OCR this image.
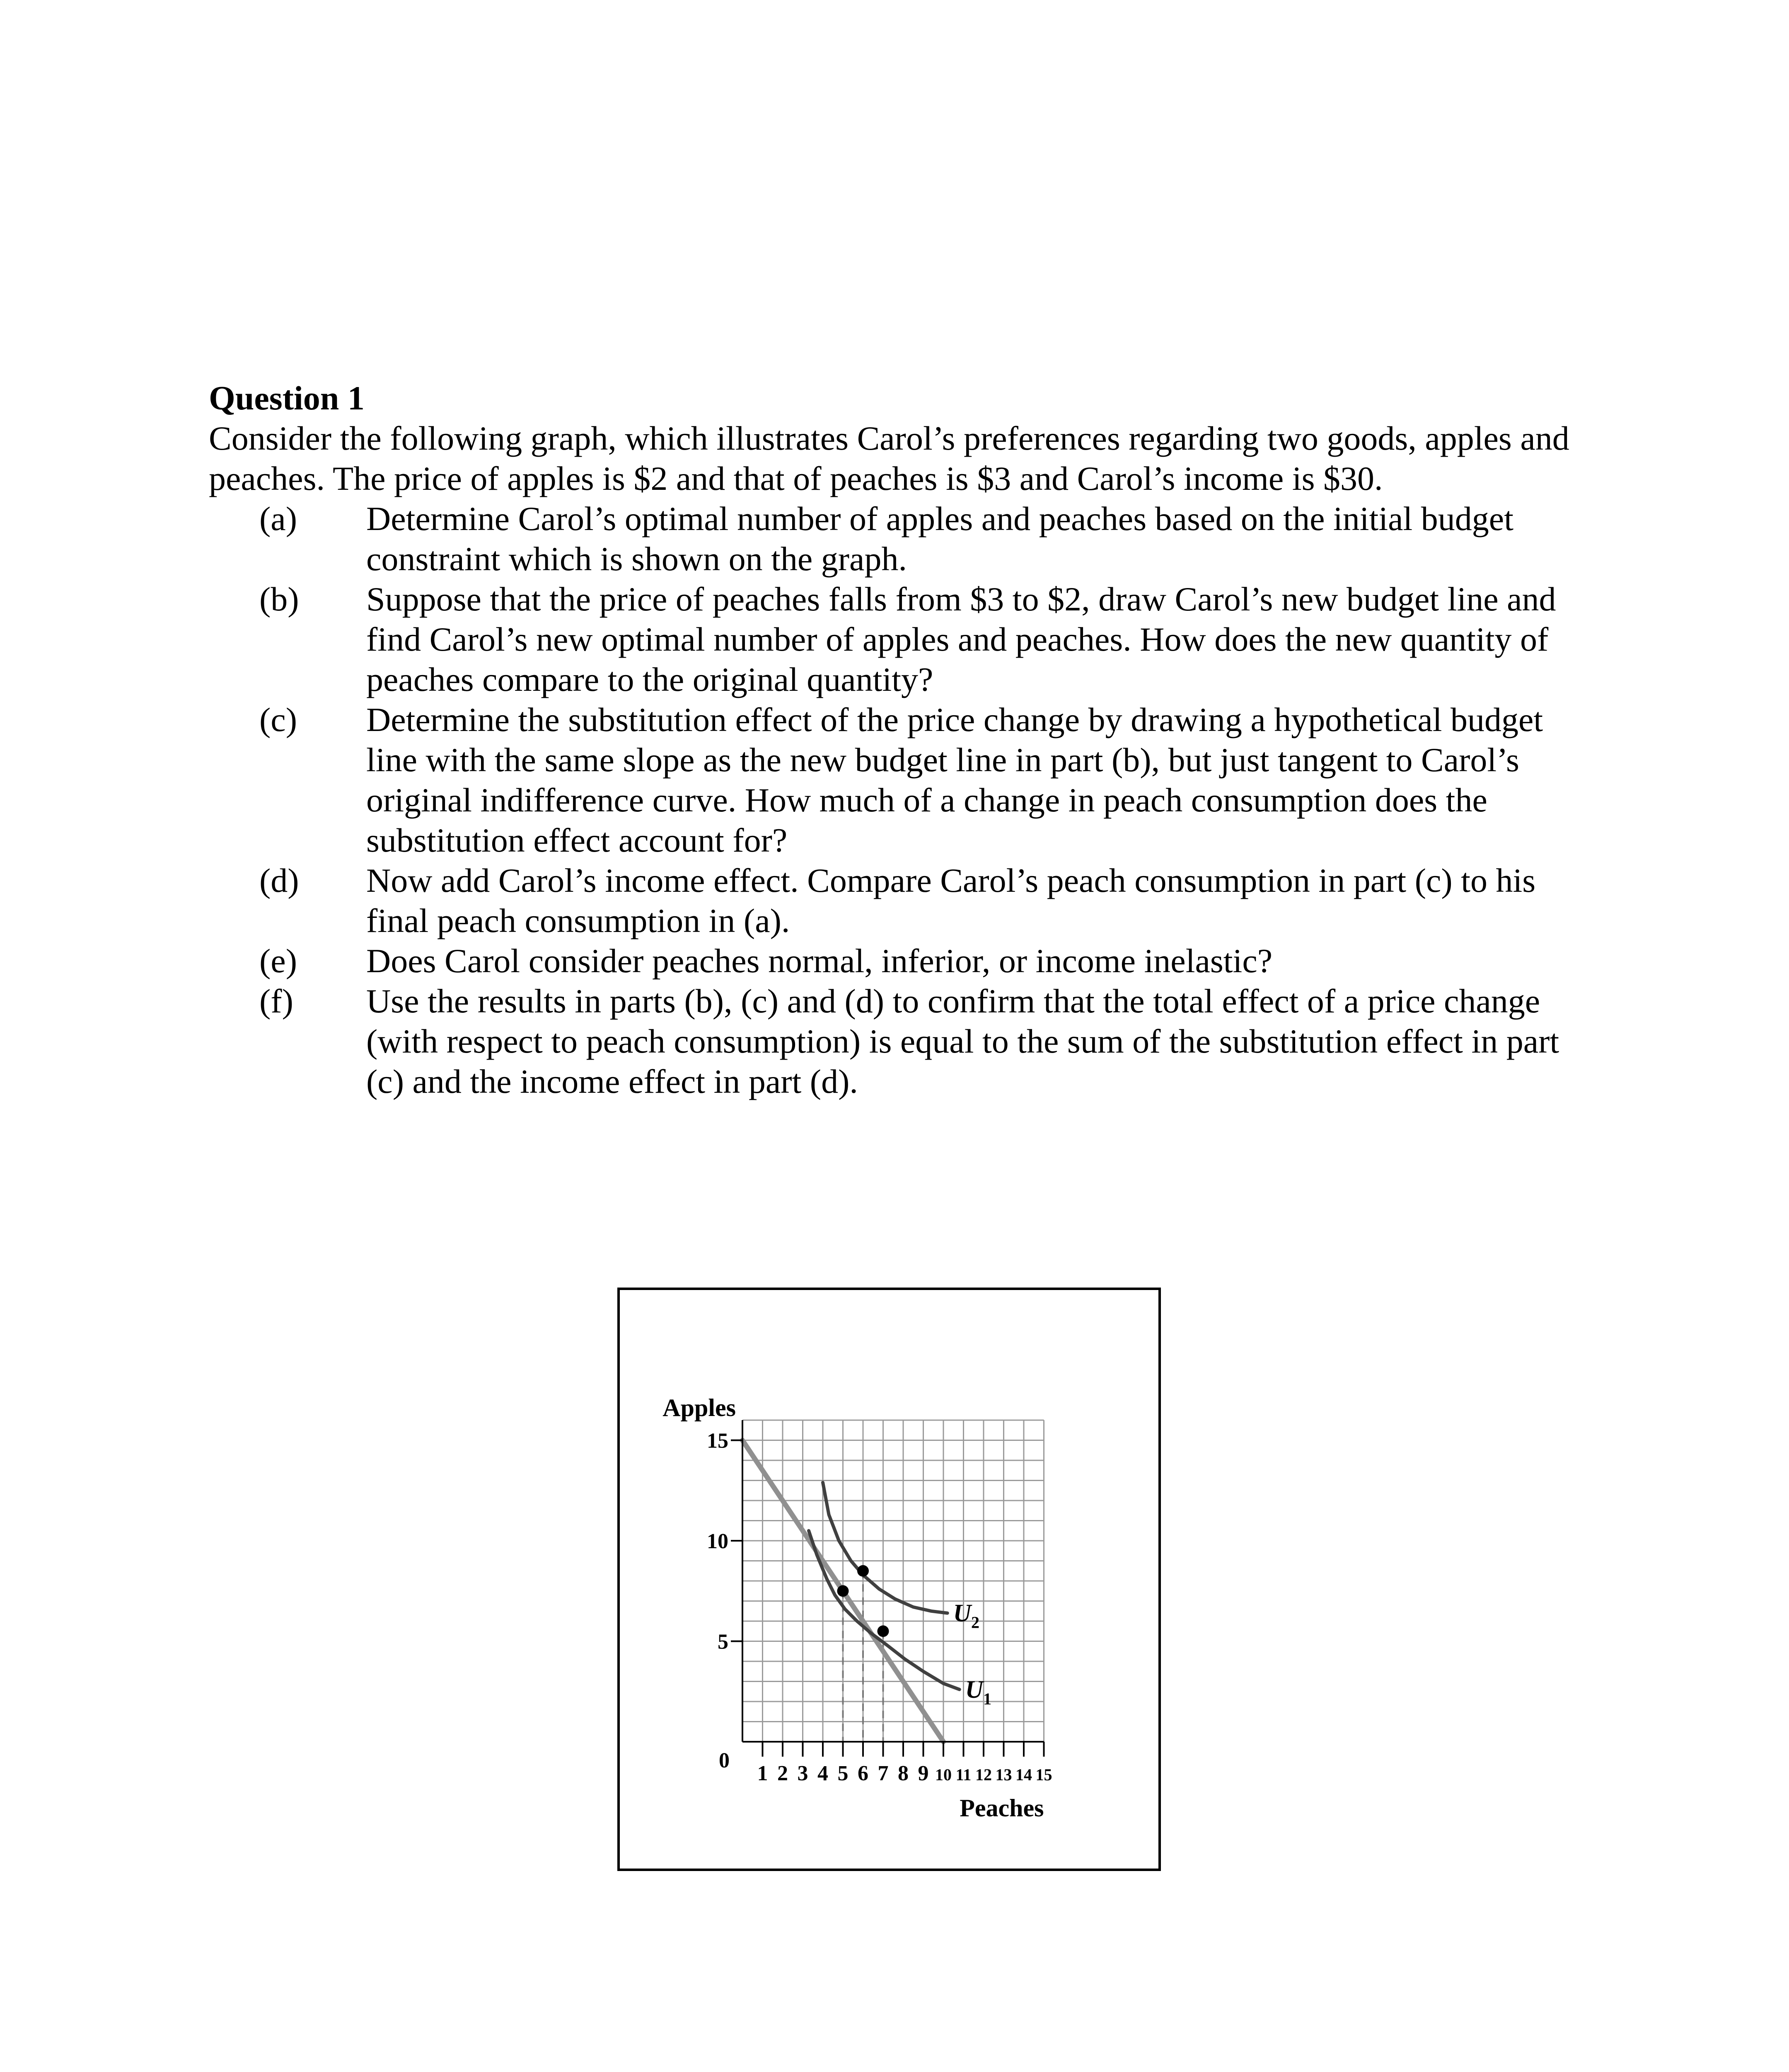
Question 1

Consider the following graph, which illustrates Carol’s preferences regarding two goods, apples and peaches. The price of apples is $2 and that of peaches is $3 and Carol’s income is $30.

(a) Determine Carol’s optimal number of apples and peaches based on the initial budget constraint which is shown on the graph.
(b) Suppose that the price of peaches falls from $3 to $2, draw Carol’s new budget line and find Carol’s new optimal number of apples and peaches. How does the new quantity of peaches compare to the original quantity?
(c) Determine the substitution effect of the price change by drawing a hypothetical budget line with the same slope as the new budget line in part (b), but just tangent to Carol’s original indifference curve. How much of a change in peach consumption does the substitution effect account for?
(d) Now add Carol’s income effect. Compare Carol’s peach consumption in part (c) to his final peach consumption in (a).
(e) Does Carol consider peaches normal, inferior, or income inelastic?
(f) Use the results in parts (b), (c) and (d) to confirm that the total effect of a price change (with respect to peach consumption) is equal to the sum of the substitution effect in part (c) and the income effect in part (d).
0
1 2 3 4 5 6 7 8 9 10 11 12 13 14 15
5
10
15
Apples
Peaches
$U_1$
$U_2$
